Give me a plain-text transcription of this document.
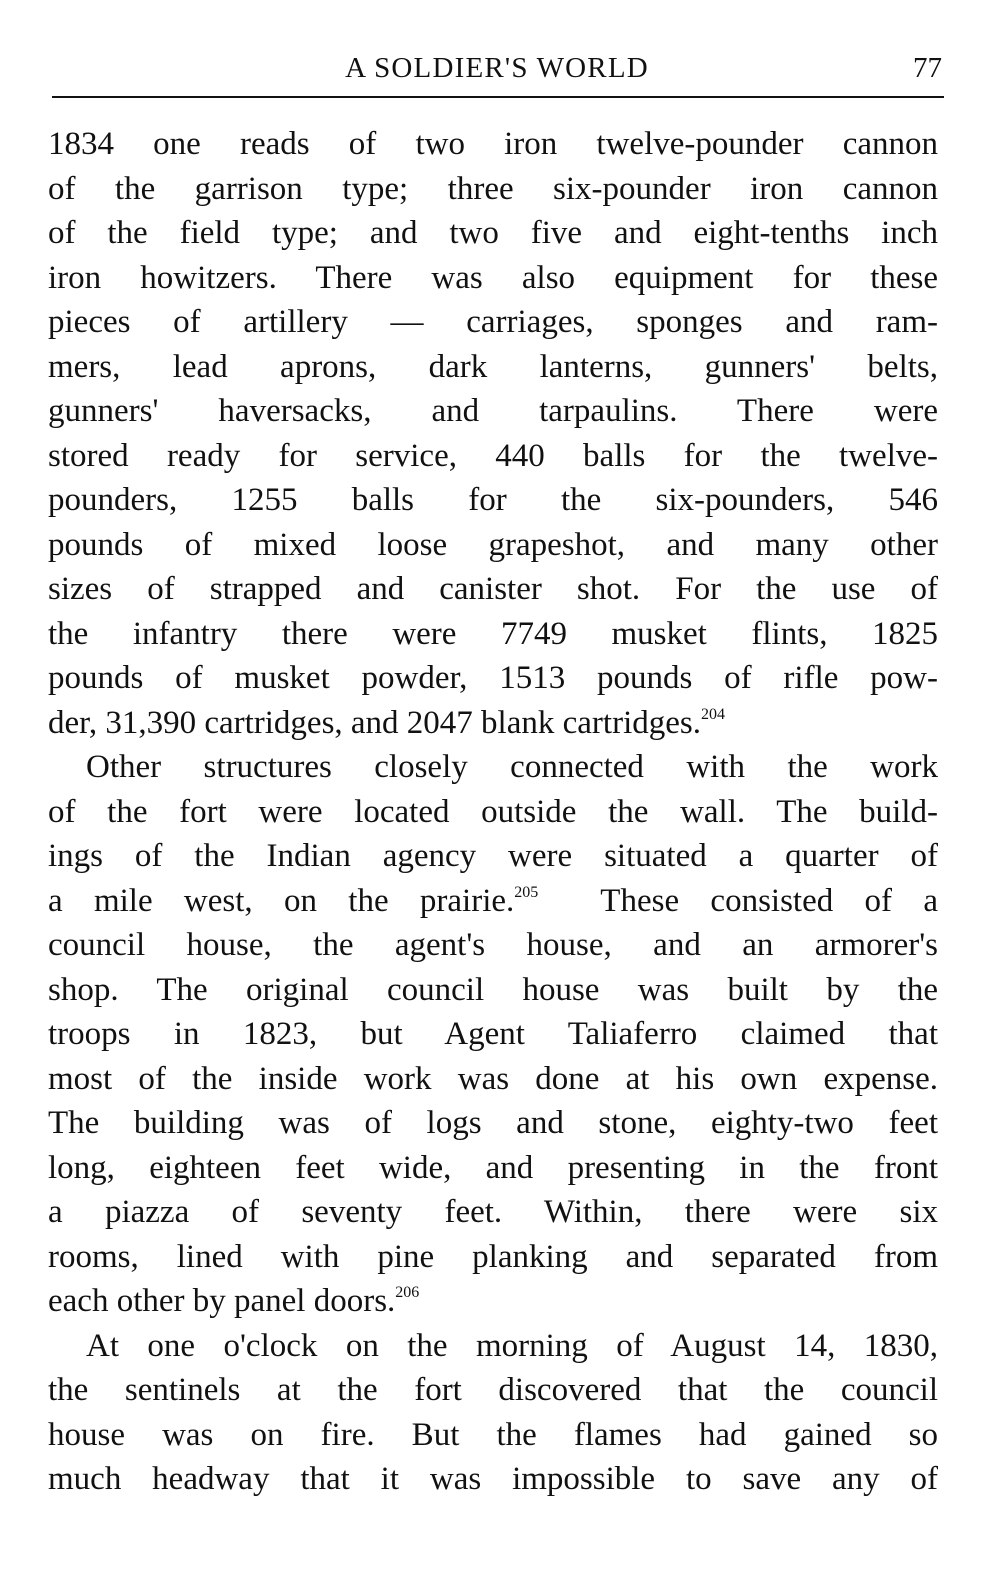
A SOLDIER'S WORLD	77
1834 one reads of two iron twelve-pounder cannon
of the garrison type; three six-pounder iron cannon
of the field type; and two five and eight-tenths inch
iron howitzers. There was also equipment for these
pieces of artillery — carriages, sponges and ram-
mers, lead aprons, dark lanterns, gunners' belts,
gunners' haversacks, and tarpaulins. There were
stored ready for service, 440 balls for the twelve-
pounders, 1255 balls for the six-pounders, 546
pounds of mixed loose grapeshot, and many other
sizes of strapped and canister shot. For the use of
the infantry there were 7749 musket flints, 1825
pounds of musket powder, 1513 pounds of rifle pow-
der, 31,390 cartridges, and 2047 blank cartridges.$^{204}$
Other structures closely connected with the work
of the fort were located outside the wall. The build-
ings of the Indian agency were situated a quarter of
a mile west, on the prairie.$^{205}$  These consisted of a
council house, the agent's house, and an armorer's
shop. The original council house was built by the
troops in 1823, but Agent Taliaferro claimed that
most of the inside work was done at his own expense.
The building was of logs and stone, eighty-two feet
long, eighteen feet wide, and presenting in the front
a piazza of seventy feet. Within, there were six
rooms, lined with pine planking and separated from
each other by panel doors.$^{206}$
At one o'clock on the morning of August 14, 1830,
the sentinels at the fort discovered that the council
house was on fire. But the flames had gained so
much headway that it was impossible to save any of
